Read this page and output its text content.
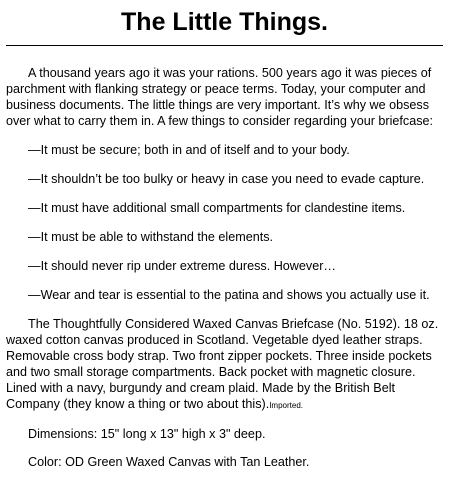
The Little Things.

A thousand years ago it was your rations. 500 years ago it was pieces of parchment with flanking strategy or peace terms. Today, your computer and business documents. The little things are very important. It’s why we obsess over what to carry them in. A few things to consider regarding your briefcase:

—It must be secure; both in and of itself and to your body.

—It shouldn’t be too bulky or heavy in case you need to evade capture.

—It must have additional small compartments for clandestine items.

—It must be able to withstand the elements.

—It should never rip under extreme duress. However…

—Wear and tear is essential to the patina and shows you actually use it.

The Thoughtfully Considered Waxed Canvas Briefcase (No. 5192). 18 oz. waxed cotton canvas produced in Scotland. Vegetable dyed leather straps. Removable cross body strap. Two front zipper pockets. Three inside pockets and two small storage compartments. Back pocket with magnetic closure. Lined with a navy, burgundy and cream plaid. Made by the British Belt Company (they know a thing or two about this).Imported.

Dimensions: 15" long x 13" high x 3" deep.

Color: OD Green Waxed Canvas with Tan Leather.
